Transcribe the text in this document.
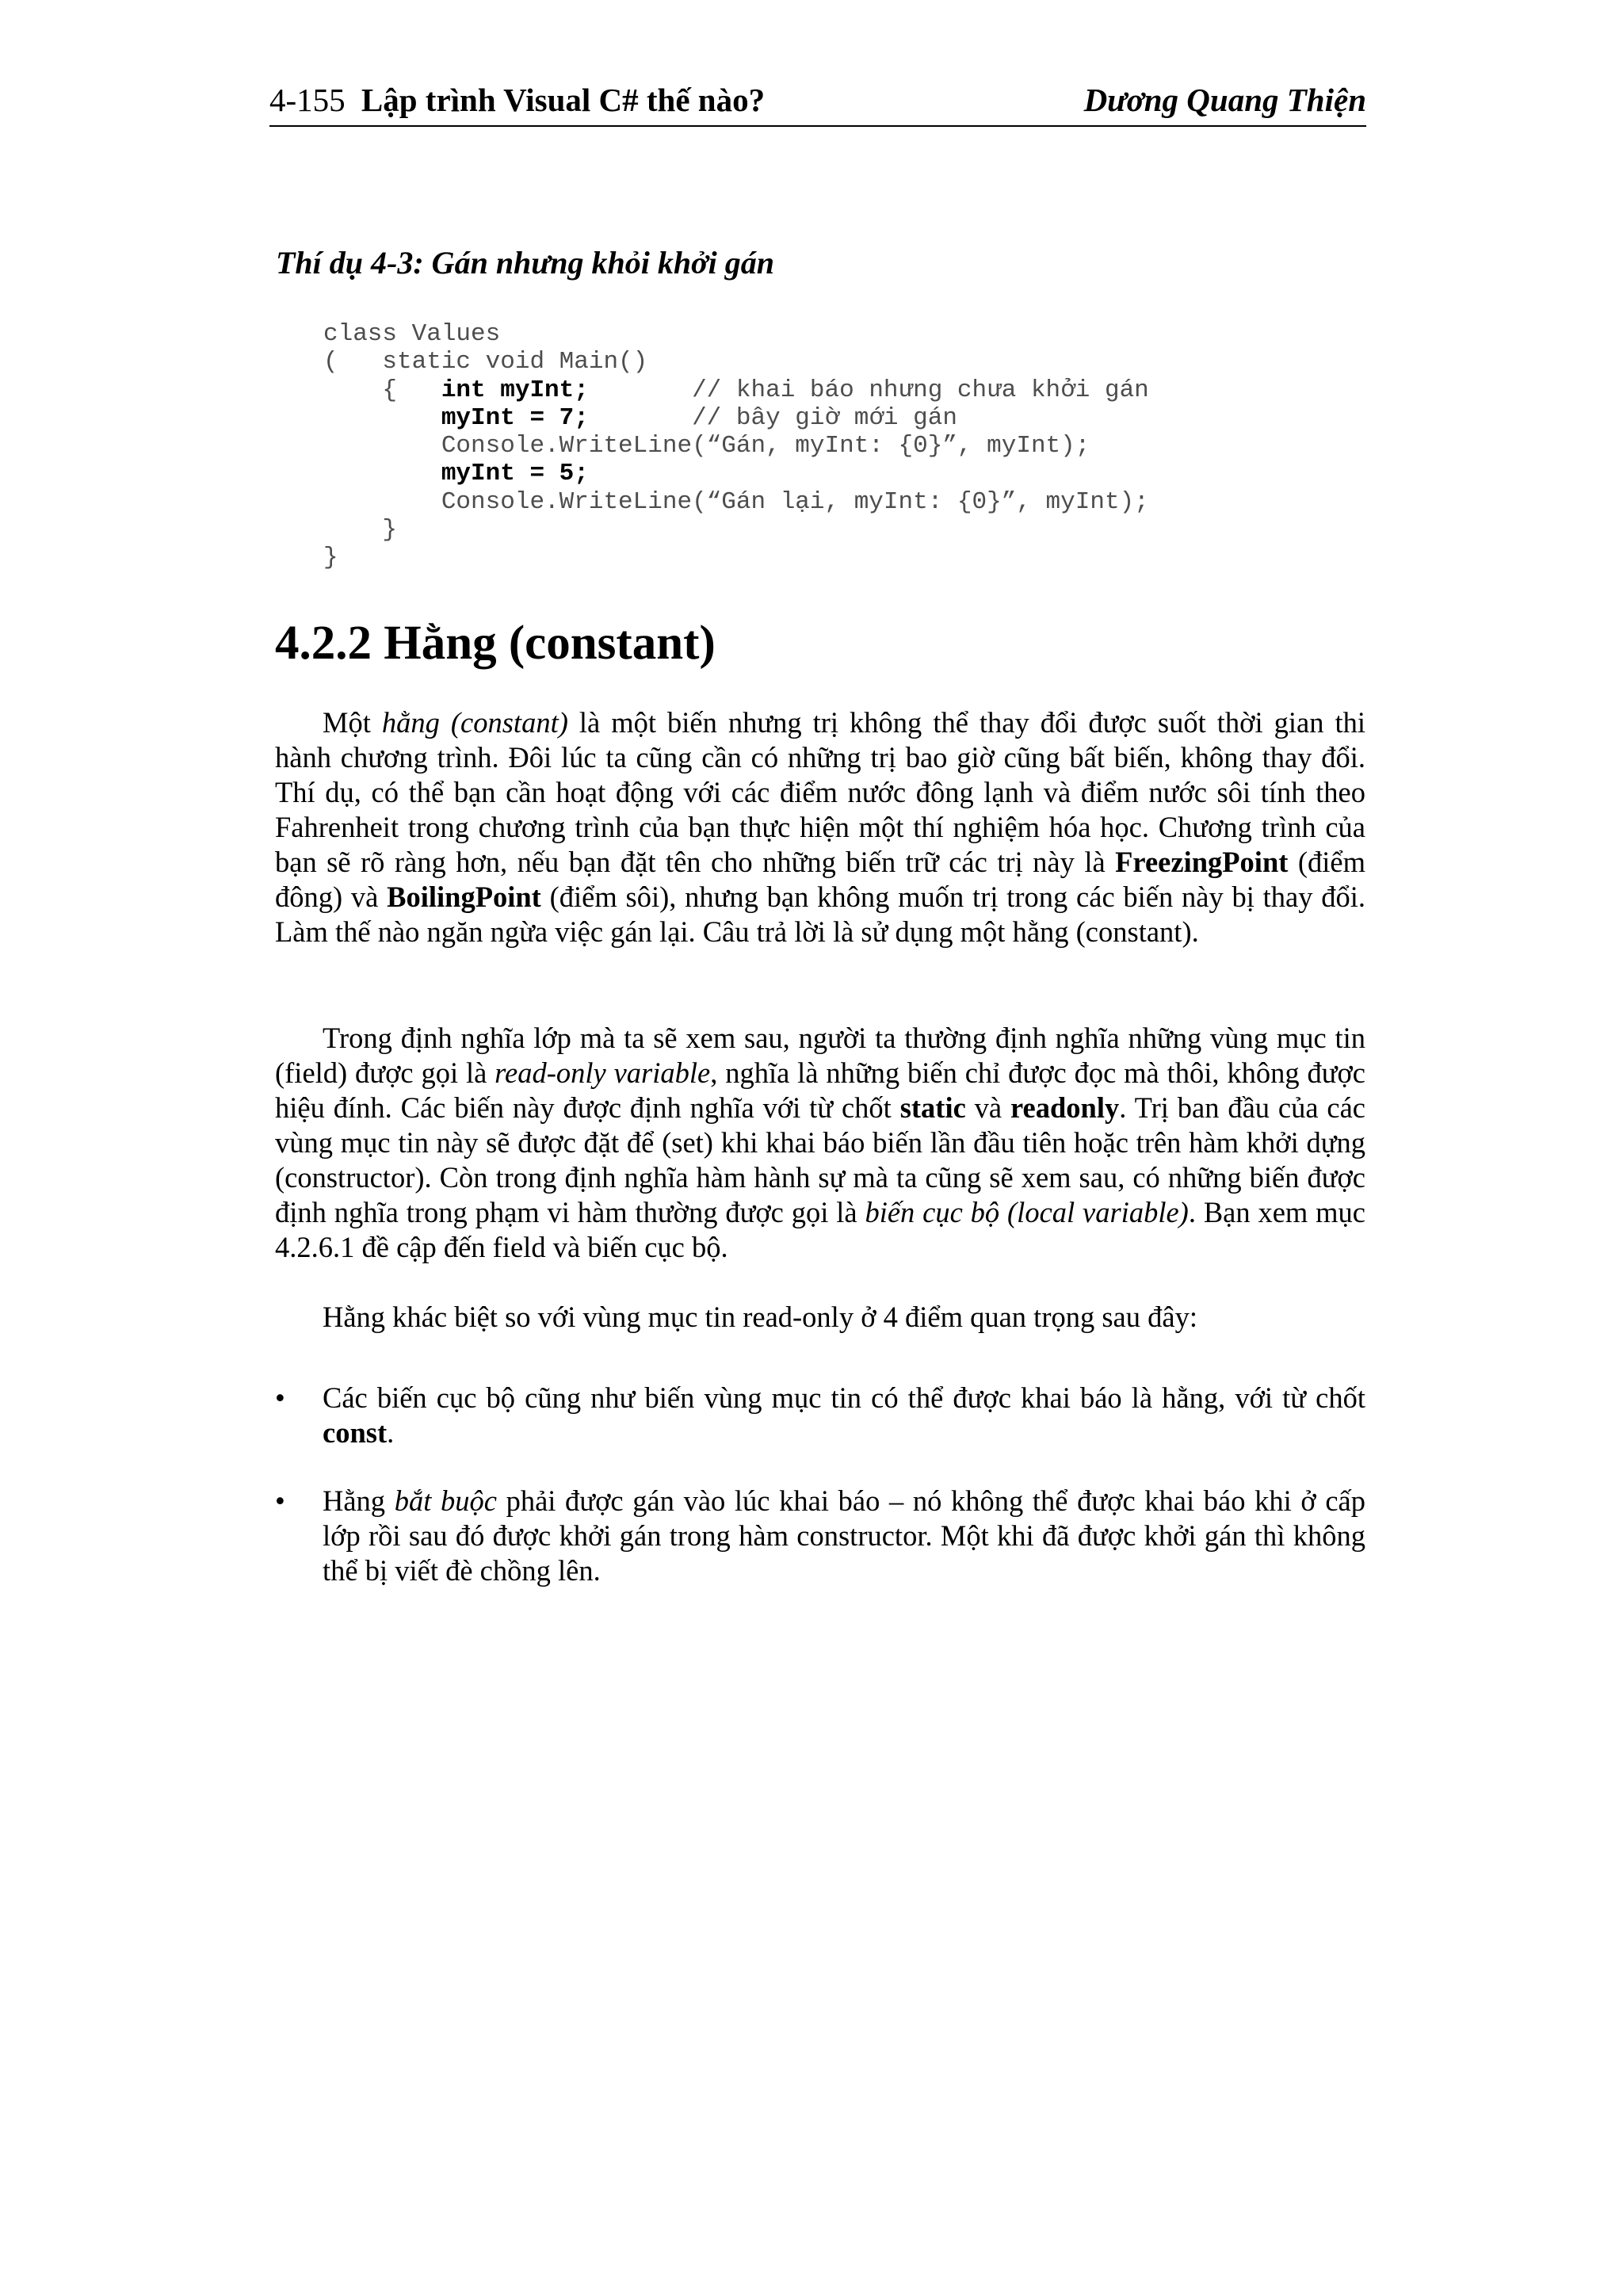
4-155 Lập trình Visual C# thế nào?	Dương Quang Thiện
Thí dụ 4-3: Gán nhưng khỏi khởi gán
class Values
(   static void Main()
{   int myInt;       // khai báo nhưng chưa khởi gán
myInt = 7;       // bây giờ mới gán
Console.WriteLine(“Gán, myInt: {0}”, myInt);
myInt = 5;
Console.WriteLine(“Gán lại, myInt: {0}”, myInt);
}
}
4.2.2 Hằng (constant)
Một hằng (constant) là một biến nhưng trị không thể thay đổi được suốt thời gian thi hành chương trình. Đôi lúc ta cũng cần có những trị bao giờ cũng bất biến, không thay đổi. Thí dụ, có thể bạn cần hoạt động với các điểm nước đông lạnh và điểm nước sôi tính theo Fahrenheit trong chương trình của bạn thực hiện một thí nghiệm hóa học. Chương trình của bạn sẽ rõ ràng hơn, nếu bạn đặt tên cho những biến trữ các trị này là FreezingPoint (điểm đông) và BoilingPoint (điểm sôi), nhưng bạn không muốn trị trong các biến này bị thay đổi. Làm thế nào ngăn ngừa việc gán lại. Câu trả lời là sử dụng một hằng (constant).
Trong định nghĩa lớp mà ta sẽ xem sau, người ta thường định nghĩa những vùng mục tin (field) được gọi là read-only variable, nghĩa là những biến chỉ được đọc mà thôi, không được hiệu đính. Các biến này được định nghĩa với từ chốt static và readonly. Trị ban đầu của các vùng mục tin này sẽ được đặt để (set) khi khai báo biến lần đầu tiên hoặc trên hàm khởi dựng (constructor). Còn trong định nghĩa hàm hành sự mà ta cũng sẽ xem sau, có những biến được định nghĩa trong phạm vi hàm thường được gọi là biến cục bộ (local variable). Bạn xem mục 4.2.6.1 đề cập đến field và biến cục bộ.
Hằng khác biệt so với vùng mục tin read-only ở 4 điểm quan trọng sau đây:
•	Các biến cục bộ cũng như biến vùng mục tin có thể được khai báo là hằng, với từ chốt const.
•	Hằng bắt buộc phải được gán vào lúc khai báo – nó không thể được khai báo khi ở cấp lớp rồi sau đó được khởi gán trong hàm constructor. Một khi đã được khởi gán thì không thể bị viết đè chồng lên.
